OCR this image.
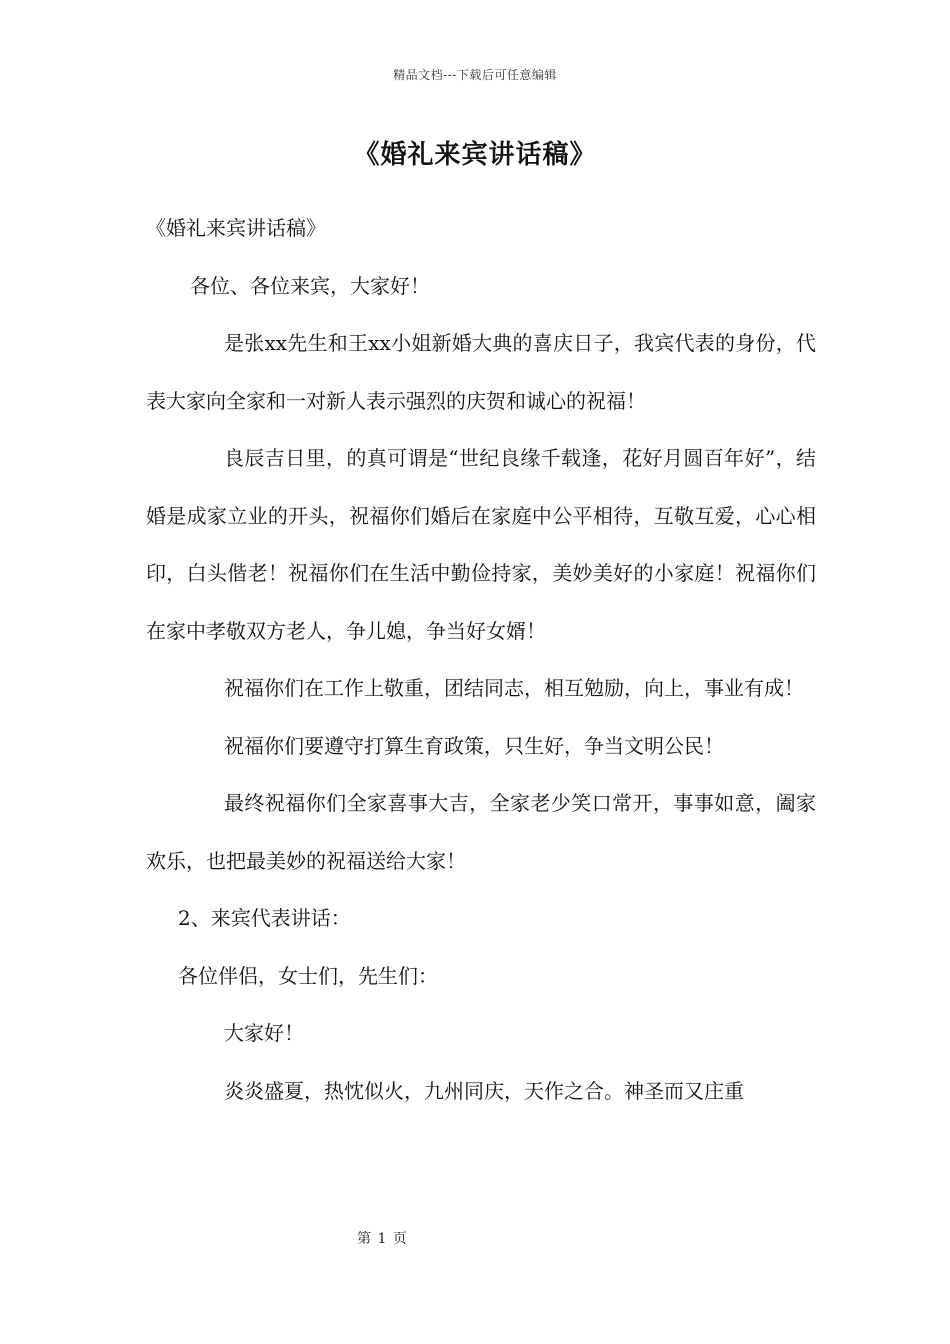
精品文档---下载后可任意编辑
《婚礼来宾讲话稿》

《婚礼来宾讲话稿》

各位、各位来宾，大家好！

是张xx先生和王xx小姐新婚大典的喜庆日子，我宾代表的身份，代表大家向全家和一对新人表示强烈的庆贺和诚心的祝福！

良辰吉日里，的真可谓是“世纪良缘千载逢，花好月圆百年好”，结婚是成家立业的开头，祝福你们婚后在家庭中公平相待，互敬互爱，心心相印，白头偕老！祝福你们在生活中勤俭持家，美妙美好的小家庭！祝福你们在家中孝敬双方老人，争儿媳，争当好女婿！

祝福你们在工作上敬重，团结同志，相互勉励，向上，事业有成！

祝福你们要遵守打算生育政策，只生好，争当文明公民！

最终祝福你们全家喜事大吉，全家老少笑口常开，事事如意，阖家欢乐，也把最美妙的祝福送给大家！

2、来宾代表讲话：

各位伴侣，女士们，先生们：

大家好！

炎炎盛夏，热忱似火，九州同庆，天作之合。神圣而又庄重

第 1 页
